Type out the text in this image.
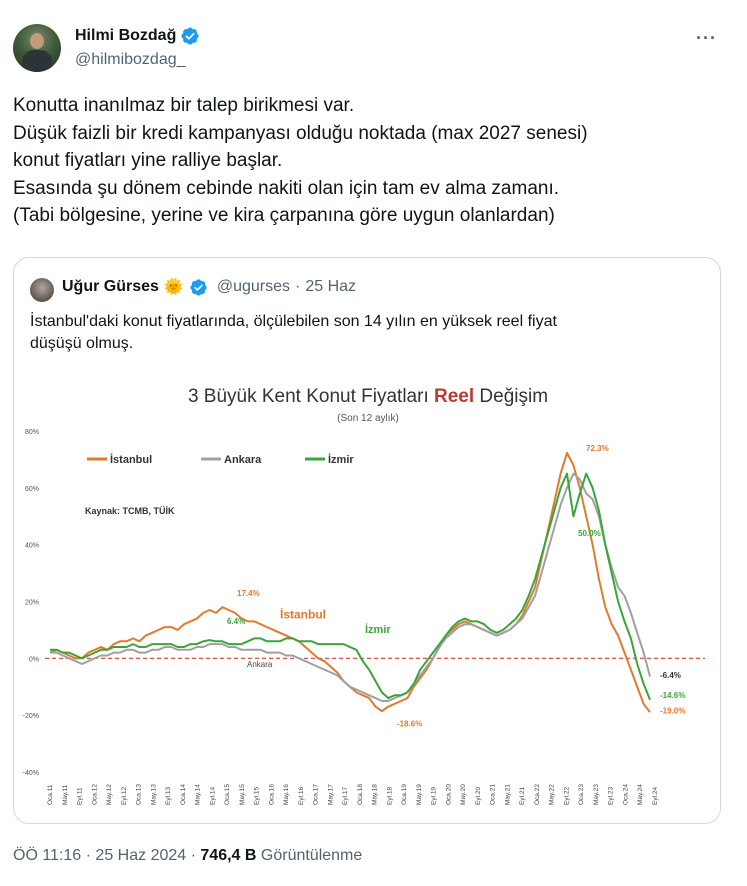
Hilmi Bozdağ
@hilmibozdag_
···
Konutta inanılmaz bir talep birikmesi var.
Düşük faizli bir kredi kampanyası olduğu noktada (max 2027 senesi)
konut fiyatları yine ralliye başlar.
Esasında şu dönem cebinde nakiti olan için tam ev alma zamanı.
(Tabi bölgesine, yerine ve kira çarpanına göre uygun olanlardan)
Uğur Gürses 🌞 @ugurses · 25 Haz
İstanbul'daki konut fiyatlarında, ölçülebilen son 14 yılın en yüksek reel fiyat
düşüşü olmuş.
3 Büyük Kent Konut Fiyatları Reel Değişim
(Son 12 aylık)
Kaynak: TCMB, TÜİK
80%
60%
40%
20%
0%
-20%
-40%
Oca.11 May.11 Eyl.11 Oca.12 May.12 Eyl.12 Oca.13 May.13 Eyl.13 Oca.14 May.14 Eyl.14 Oca.15 May.15 Eyl.15 Oca.16 May.16 Eyl.16 Oca.17 May.17 Eyl.17 Oca.18 May.18 Eyl.18 Oca.19 May.19 Eyl.19 Oca.20 May.20 Eyl.20 Oca.21 May.21 Eyl.21 Oca.22 May.22 Eyl.22 Oca.23 May.23 Eyl.23 Oca.24 May.24 Eyl.24
İstanbul	Ankara	İzmir
17.4%
72.3%
-18.6%
6.4%
50.0%
İstanbul
İzmir
Ankara
-6.4%
-14.6%
-19.0%
ÖÖ 11:16 · 25 Haz 2024 · 746,4 B Görüntülenme
